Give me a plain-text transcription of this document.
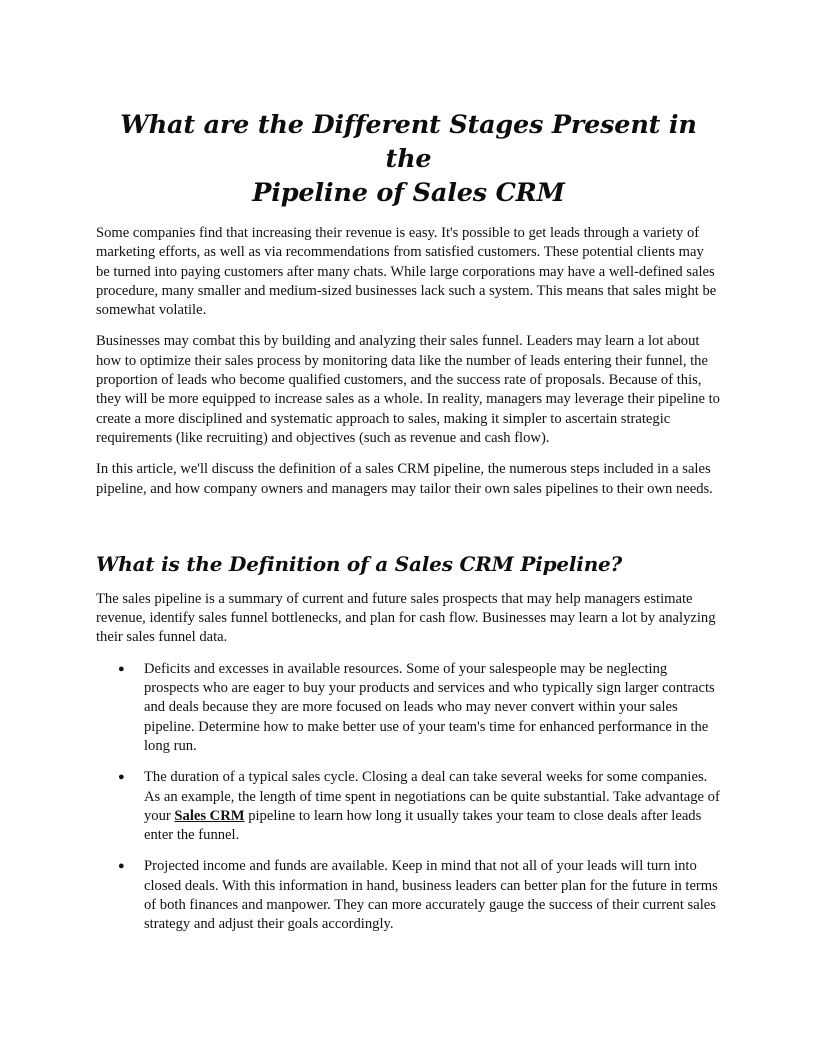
What are the Different Stages Present in the
Pipeline of Sales CRM

Some companies find that increasing their revenue is easy. It's possible to get leads through a variety of marketing efforts, as well as via recommendations from satisfied customers. These potential clients may be turned into paying customers after many chats. While large corporations may have a well-defined sales procedure, many smaller and medium-sized businesses lack such a system. This means that sales might be somewhat volatile.

Businesses may combat this by building and analyzing their sales funnel. Leaders may learn a lot about how to optimize their sales process by monitoring data like the number of leads entering their funnel, the proportion of leads who become qualified customers, and the success rate of proposals. Because of this, they will be more equipped to increase sales as a whole. In reality, managers may leverage their pipeline to create a more disciplined and systematic approach to sales, making it simpler to ascertain strategic requirements (like recruiting) and objectives (such as revenue and cash flow).

In this article, we'll discuss the definition of a sales CRM pipeline, the numerous steps included in a sales pipeline, and how company owners and managers may tailor their own sales pipelines to their own needs.

What is the Definition of a Sales CRM Pipeline?

The sales pipeline is a summary of current and future sales prospects that may help managers estimate revenue, identify sales funnel bottlenecks, and plan for cash flow. Businesses may learn a lot by analyzing their sales funnel data.

● Deficits and excesses in available resources. Some of your salespeople may be neglecting prospects who are eager to buy your products and services and who typically sign larger contracts and deals because they are more focused on leads who may never convert within your sales pipeline. Determine how to make better use of your team's time for enhanced performance in the long run.
● The duration of a typical sales cycle. Closing a deal can take several weeks for some companies. As an example, the length of time spent in negotiations can be quite substantial. Take advantage of your Sales CRM pipeline to learn how long it usually takes your team to close deals after leads enter the funnel.
● Projected income and funds are available. Keep in mind that not all of your leads will turn into closed deals. With this information in hand, business leaders can better plan for the future in terms of both finances and manpower. They can more accurately gauge the success of their current sales strategy and adjust their goals accordingly.
